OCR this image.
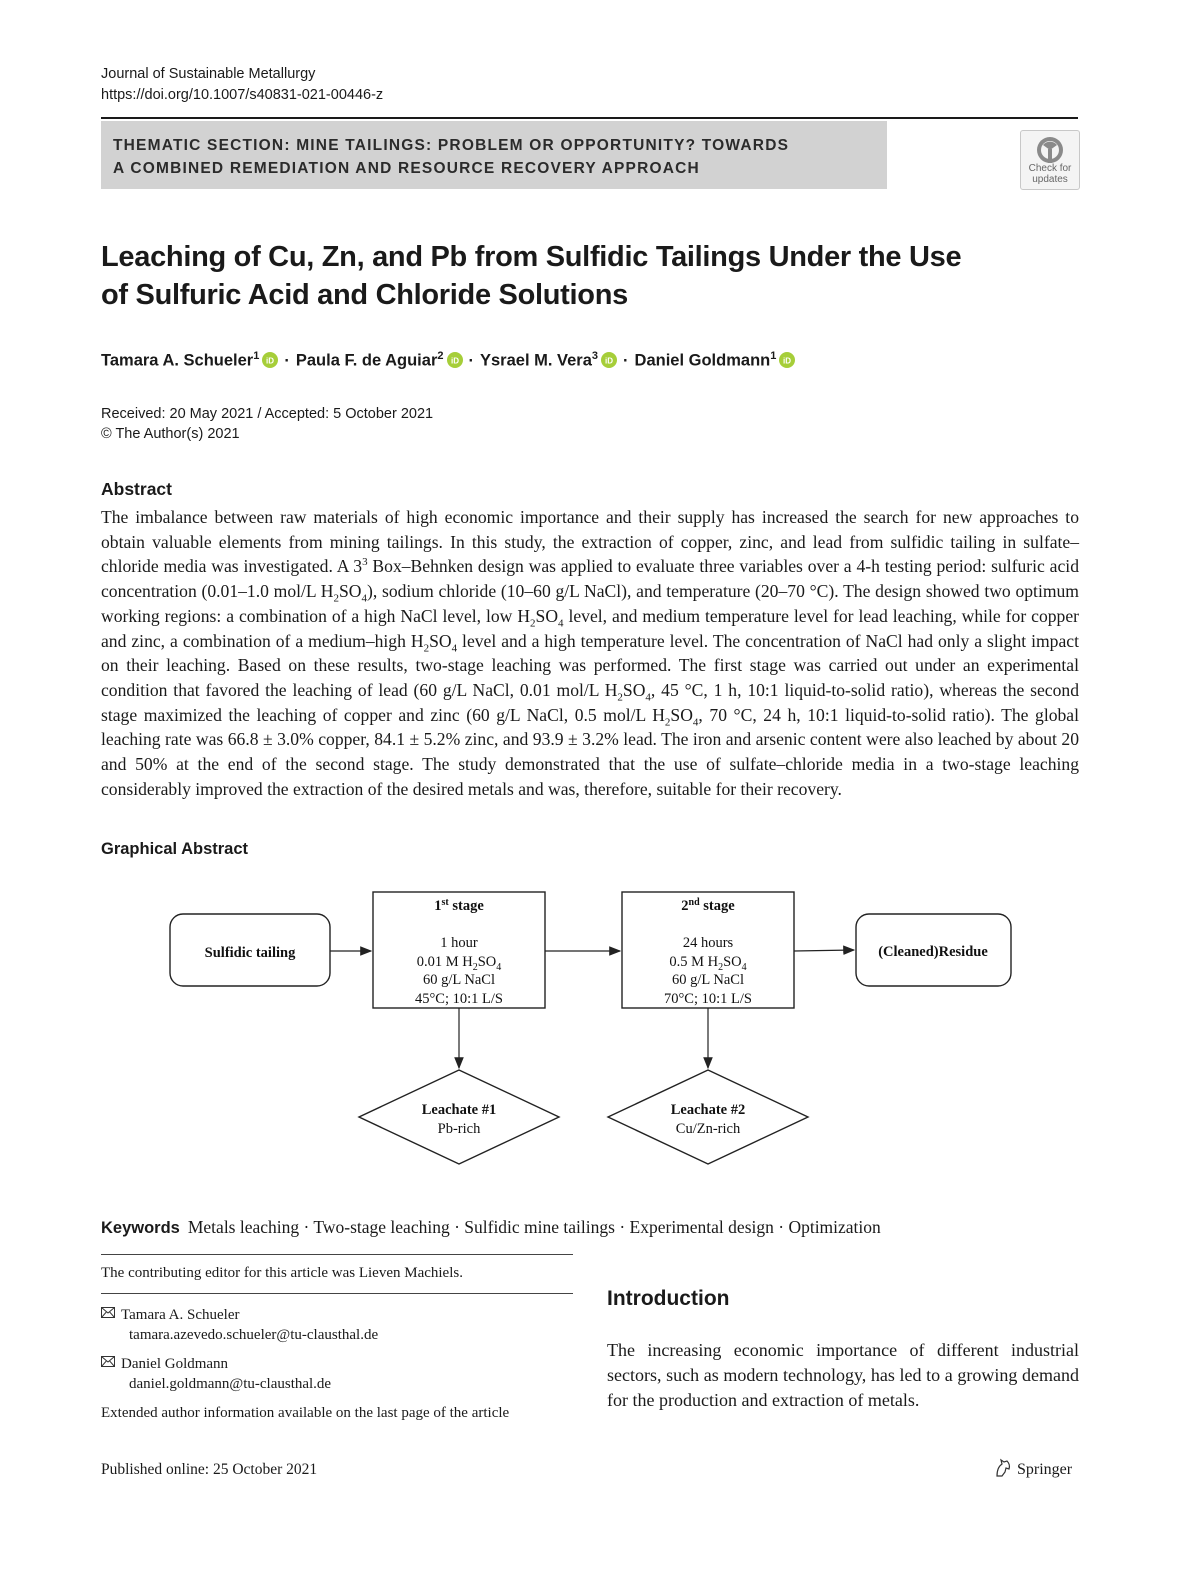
Journal of Sustainable Metallurgy
https://doi.org/10.1007/s40831-021-00446-z
THEMATIC SECTION: MINE TAILINGS: PROBLEM OR OPPORTUNITY? TOWARDS
A COMBINED REMEDIATION AND RESOURCE RECOVERY APPROACH	Check for
updates
Leaching of Cu, Zn, and Pb from Sulfidic Tailings Under the Use
of Sulfuric Acid and Chloride Solutions
Tamara A. Schueler$^1$ iD · Paula F. de Aguiar$^2$ iD · Ysrael M. Vera$^3$ iD · Daniel Goldmann$^1$ iD
Received: 20 May 2021 / Accepted: 5 October 2021
© The Author(s) 2021
Abstract
The imbalance between raw materials of high economic importance and their supply has increased the search for new approaches to obtain valuable elements from mining tailings. In this study, the extraction of copper, zinc, and lead from sulfidic tailing in sulfate–chloride media was investigated. A $3^3$ Box–Behnken design was applied to evaluate three variables over a 4-h testing period: sulfuric acid concentration (0.01–1.0 mol/L $H_2SO_4$), sodium chloride (10–60 g/L NaCl), and temperature (20–70 °C). The design showed two optimum working regions: a combination of a high NaCl level, low $H_2SO_4$ level, and medium temperature level for lead leaching, while for copper and zinc, a combination of a medium–high $H_2SO_4$ level and a high temperature level. The concentration of NaCl had only a slight impact on their leaching. Based on these results, two-stage leaching was performed. The first stage was carried out under an experimental condition that favored the leaching of lead (60 g/L NaCl, 0.01 mol/L $H_2SO_4$, 45 °C, 1 h, 10:1 liquid-to-solid ratio), whereas the second stage maximized the leaching of copper and zinc (60 g/L NaCl, 0.5 mol/L $H_2SO_4$, 70 °C, 24 h, 10:1 liquid-to-solid ratio). The global leaching rate was 66.8 ± 3.0% copper, 84.1 ± 5.2% zinc, and 93.9 ± 3.2% lead. The iron and arsenic content were also leached by about 20 and 50% at the end of the second stage. The study demonstrated that the use of sulfate–chloride media in a two-stage leaching considerably improved the extraction of the desired metals and was, therefore, suitable for their recovery.
Graphical Abstract
Sulfidic tailing
1st stage
1 hour
0.01 M $H_2SO_4$
60 g/L NaCl
45°C; 10:1 L/S
2nd stage
24 hours
0.5 M $H_2SO_4$
60 g/L NaCl
70°C; 10:1 L/S
(Cleaned)Residue
Leachate #1
Pb-rich
Leachate #2
Cu/Zn-rich
Keywords Metals leaching · Two-stage leaching · Sulfidic mine tailings · Experimental design · Optimization
The contributing editor for this article was Lieven Machiels.
Tamara A. Schueler
tamara.azevedo.schueler@tu-clausthal.de
Daniel Goldmann
daniel.goldmann@tu-clausthal.de
Extended author information available on the last page of the article
Introduction
The increasing economic importance of different industrial sectors, such as modern technology, has led to a growing demand for the production and extraction of metals.
Published online: 25 October 2021	Springer
